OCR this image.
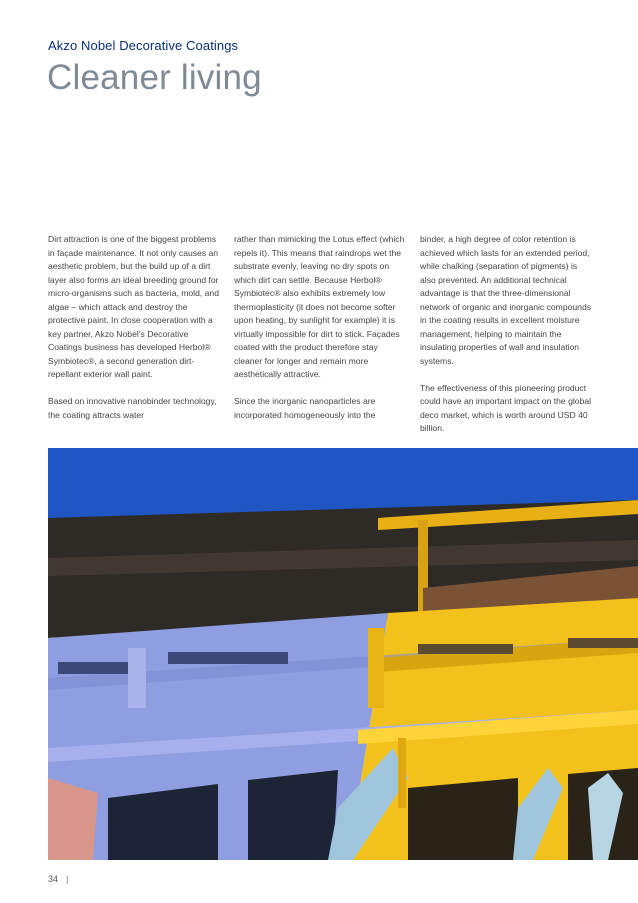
Akzo Nobel Decorative Coatings
Cleaner living

Dirt attraction is one of the biggest problems in façade maintenance. It not only causes an aesthetic problem, but the build up of a dirt layer also forms an ideal breeding ground for micro-organisms such as bacteria, mold, and algae – which attack and destroy the protective paint. In close cooperation with a key partner, Akzo Nobel’s Decorative Coatings business has developed Herbol® Symbiotec®, a second generation dirt-repellant exterior wall paint.

Based on innovative nanobinder technology, the coating attracts water

rather than mimicking the Lotus effect (which repels it). This means that raindrops wet the substrate evenly, leaving no dry spots on which dirt can settle. Because Herbol® Symbiotec® also exhibits extremely low thermoplasticity (it does not become softer upon heating, by sunlight for example) it is virtually impossible for dirt to stick. Façades coated with the product therefore stay cleaner for longer and remain more aesthetically attractive.

Since the inorganic nanoparticles are incorporated homogeneously into the

binder, a high degree of color retention is achieved which lasts for an extended period, while chalking (separation of pigments) is also prevented. An additional technical advantage is that the three-dimensional network of organic and inorganic compounds in the coating results in excellent moisture management, helping to maintain the insulating properties of wall and insulation systems.

The effectiveness of this pioneering product could have an important impact on the global deco market, which is worth around USD 40 billion.

34 |
